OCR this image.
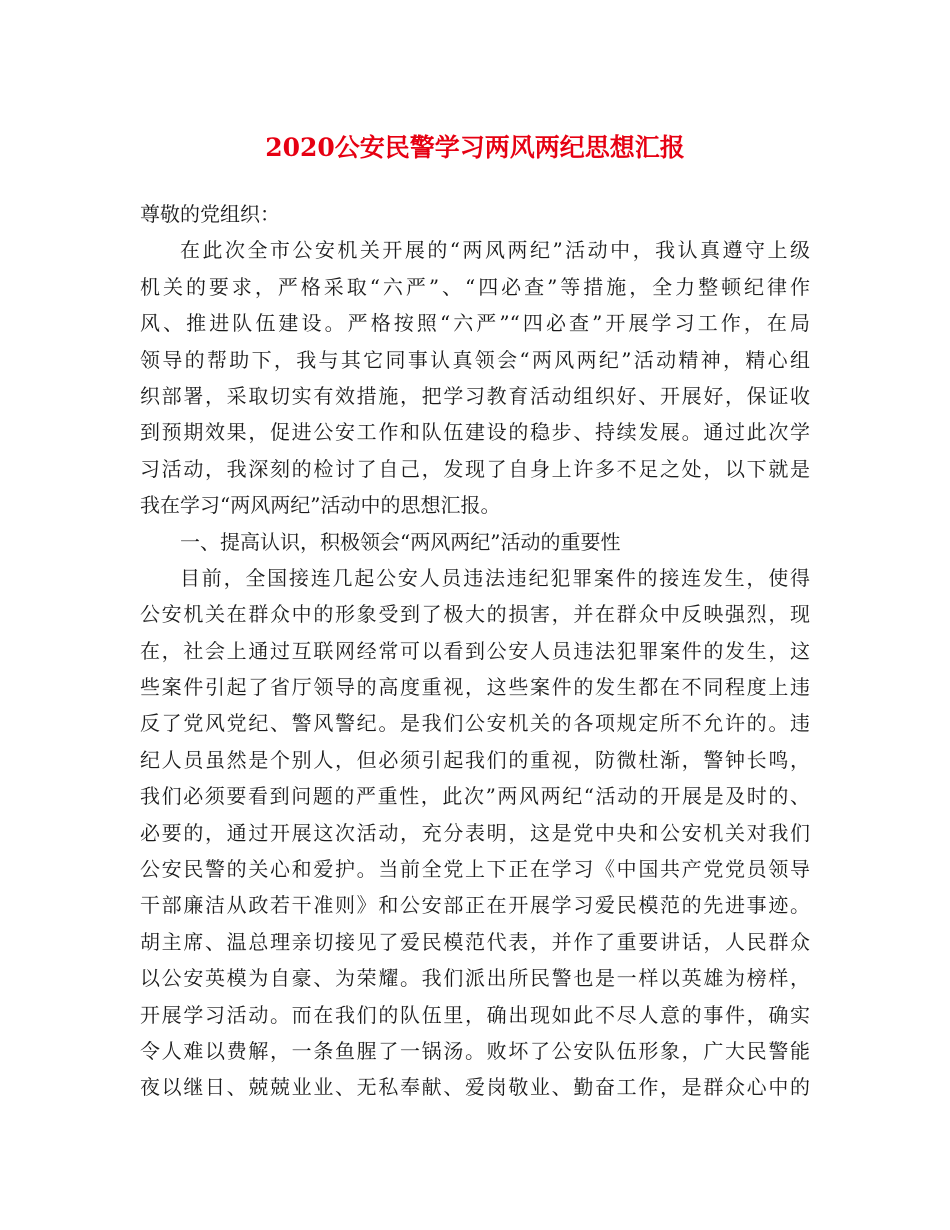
2020公安民警学习两风两纪思想汇报

尊敬的党组织：

在此次全市公安机关开展的“两风两纪”活动中，我认真遵守上级

机关的要求，严格采取“六严”、“四必查”等措施，全力整顿纪律作

风、推进队伍建设。严格按照“六严”“四必查”开展学习工作，在局

领导的帮助下，我与其它同事认真领会“两风两纪”活动精神，精心组

织部署，采取切实有效措施，把学习教育活动组织好、开展好，保证收

到预期效果，促进公安工作和队伍建设的稳步、持续发展。通过此次学

习活动，我深刻的检讨了自己，发现了自身上许多不足之处，以下就是

我在学习“两风两纪”活动中的思想汇报。

一、提高认识，积极领会“两风两纪”活动的重要性

目前，全国接连几起公安人员违法违纪犯罪案件的接连发生，使得

公安机关在群众中的形象受到了极大的损害，并在群众中反映强烈，现

在，社会上通过互联网经常可以看到公安人员违法犯罪案件的发生，这

些案件引起了省厅领导的高度重视，这些案件的发生都在不同程度上违

反了党风党纪、警风警纪。是我们公安机关的各项规定所不允许的。违

纪人员虽然是个别人，但必须引起我们的重视，防微杜渐，警钟长鸣，

我们必须要看到问题的严重性，此次”两风两纪“活动的开展是及时的、

必要的，通过开展这次活动，充分表明，这是党中央和公安机关对我们

公安民警的关心和爱护。当前全党上下正在学习《中国共产党党员领导

干部廉洁从政若干准则》和公安部正在开展学习爱民模范的先进事迹。

胡主席、温总理亲切接见了爱民模范代表，并作了重要讲话，人民群众

以公安英模为自豪、为荣耀。我们派出所民警也是一样以英雄为榜样，

开展学习活动。而在我们的队伍里，确出现如此不尽人意的事件，确实

令人难以费解，一条鱼腥了一锅汤。败坏了公安队伍形象，广大民警能

夜以继日、兢兢业业、无私奉献、爱岗敬业、勤奋工作，是群众心中的
